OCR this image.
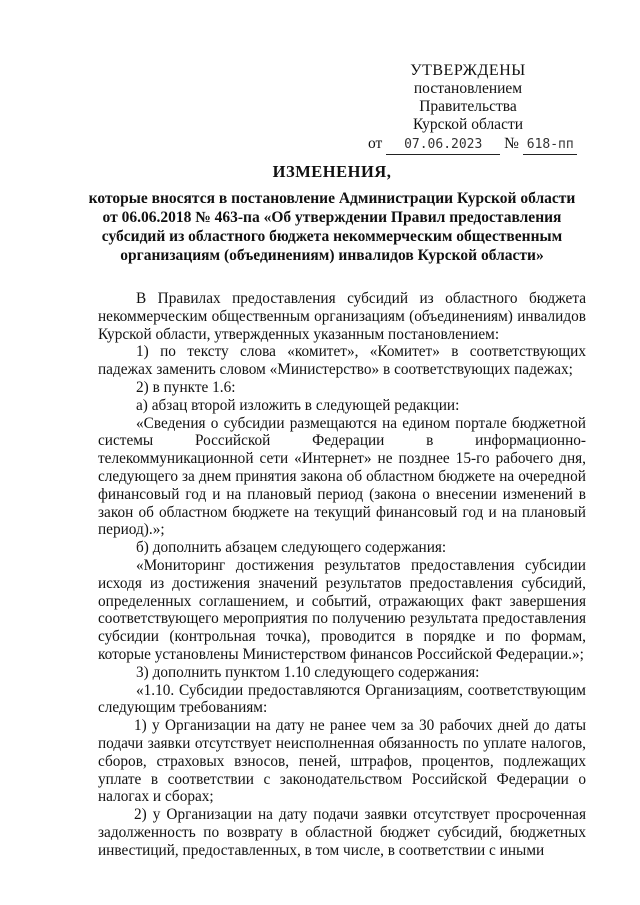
УТВЕРЖДЕНЫ
постановлением Правительства
Курской области
от 07.06.2023 № 618-пп
ИЗМЕНЕНИЯ,
которые вносятся в постановление Администрации Курской области от 06.06.2018 № 463-па «Об утверждении Правил предоставления субсидий из областного бюджета некоммерческим общественным организациям (объединениям) инвалидов Курской области»

В Правилах предоставления субсидий из областного бюджета некоммерческим общественным организациям (объединениям) инвалидов Курской области, утвержденных указанным постановлением:

1) по тексту слова «комитет», «Комитет» в соответствующих падежах заменить словом «Министерство» в соответствующих падежах;

2) в пункте 1.6:

а) абзац второй изложить в следующей редакции:

«Сведения о субсидии размещаются на едином портале бюджетной системы Российской Федерации в информационно-телекоммуникационной сети «Интернет» не позднее 15-го рабочего дня, следующего за днем принятия закона об областном бюджете на очередной финансовый год и на плановый период (закона о внесении изменений в закон об областном бюджете на текущий финансовый год и на плановый период).»;

б) дополнить абзацем следующего содержания:

«Мониторинг достижения результатов предоставления субсидии исходя из достижения значений результатов предоставления субсидий, определенных соглашением, и событий, отражающих факт завершения соответствующего мероприятия по получению результата предоставления субсидии (контрольная точка), проводится в порядке и по формам, которые установлены Министерством финансов Российской Федерации.»;

3) дополнить пунктом 1.10 следующего содержания:

«1.10. Субсидии предоставляются Организациям, соответствующим следующим требованиям:

1) у Организации на дату не ранее чем за 30 рабочих дней до даты подачи заявки отсутствует неисполненная обязанность по уплате налогов, сборов, страховых взносов, пеней, штрафов, процентов, подлежащих уплате в соответствии с законодательством Российской Федерации о налогах и сборах;

2) у Организации на дату подачи заявки отсутствует просроченная задолженность по возврату в областной бюджет субсидий, бюджетных инвестиций, предоставленных, в том числе, в соответствии с иными
